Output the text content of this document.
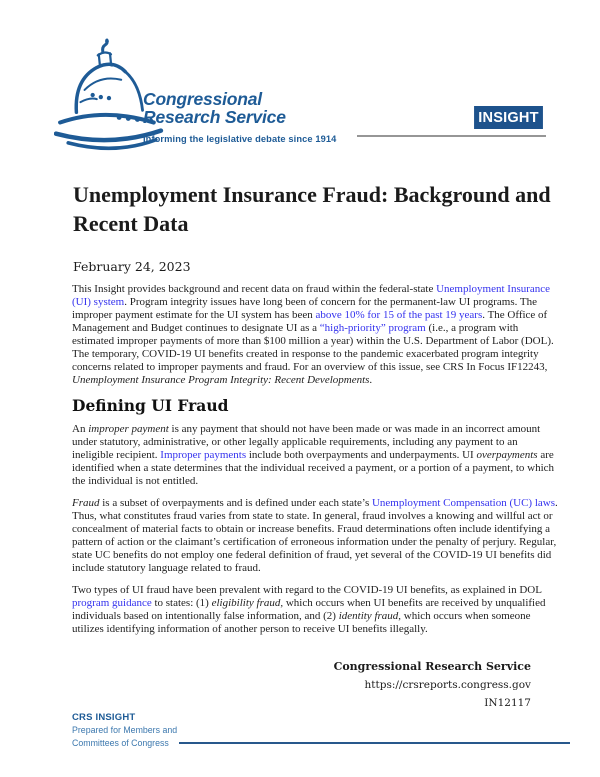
Congressional
Research Service
Informing the legislative debate since 1914
INSIGHT
Unemployment Insurance Fraud: Background and Recent Data
February 24, 2023

This Insight provides background and recent data on fraud within the federal-state Unemployment Insurance (UI) system. Program integrity issues have long been of concern for the permanent-law UI programs. The improper payment estimate for the UI system has been above 10% for 15 of the past 19 years. The Office of Management and Budget continues to designate UI as a “high-priority” program (i.e., a program with estimated improper payments of more than $100 million a year) within the U.S. Department of Labor (DOL). The temporary, COVID-19 UI benefits created in response to the pandemic exacerbated program integrity concerns related to improper payments and fraud. For an overview of this issue, see CRS In Focus IF12243, Unemployment Insurance Program Integrity: Recent Developments.

Defining UI Fraud

An improper payment is any payment that should not have been made or was made in an incorrect amount under statutory, administrative, or other legally applicable requirements, including any payment to an ineligible recipient. Improper payments include both overpayments and underpayments. UI overpayments are identified when a state determines that the individual received a payment, or a portion of a payment, to which the individual is not entitled.

Fraud is a subset of overpayments and is defined under each state’s Unemployment Compensation (UC) laws. Thus, what constitutes fraud varies from state to state. In general, fraud involves a knowing and willful act or concealment of material facts to obtain or increase benefits. Fraud determinations often include identifying a pattern of action or the claimant’s certification of erroneous information under the penalty of perjury. Regular, state UC benefits do not employ one federal definition of fraud, yet several of the COVID-19 UI benefits did include statutory language related to fraud.

Two types of UI fraud have been prevalent with regard to the COVID-19 UI benefits, as explained in DOL program guidance to states: (1) eligibility fraud, which occurs when UI benefits are received by unqualified individuals based on intentionally false information, and (2) identity fraud, which occurs when someone utilizes identifying information of another person to receive UI benefits illegally.

Congressional Research Service
https://crsreports.congress.gov
IN12117
CRS INSIGHT
Prepared for Members and
Committees of Congress
